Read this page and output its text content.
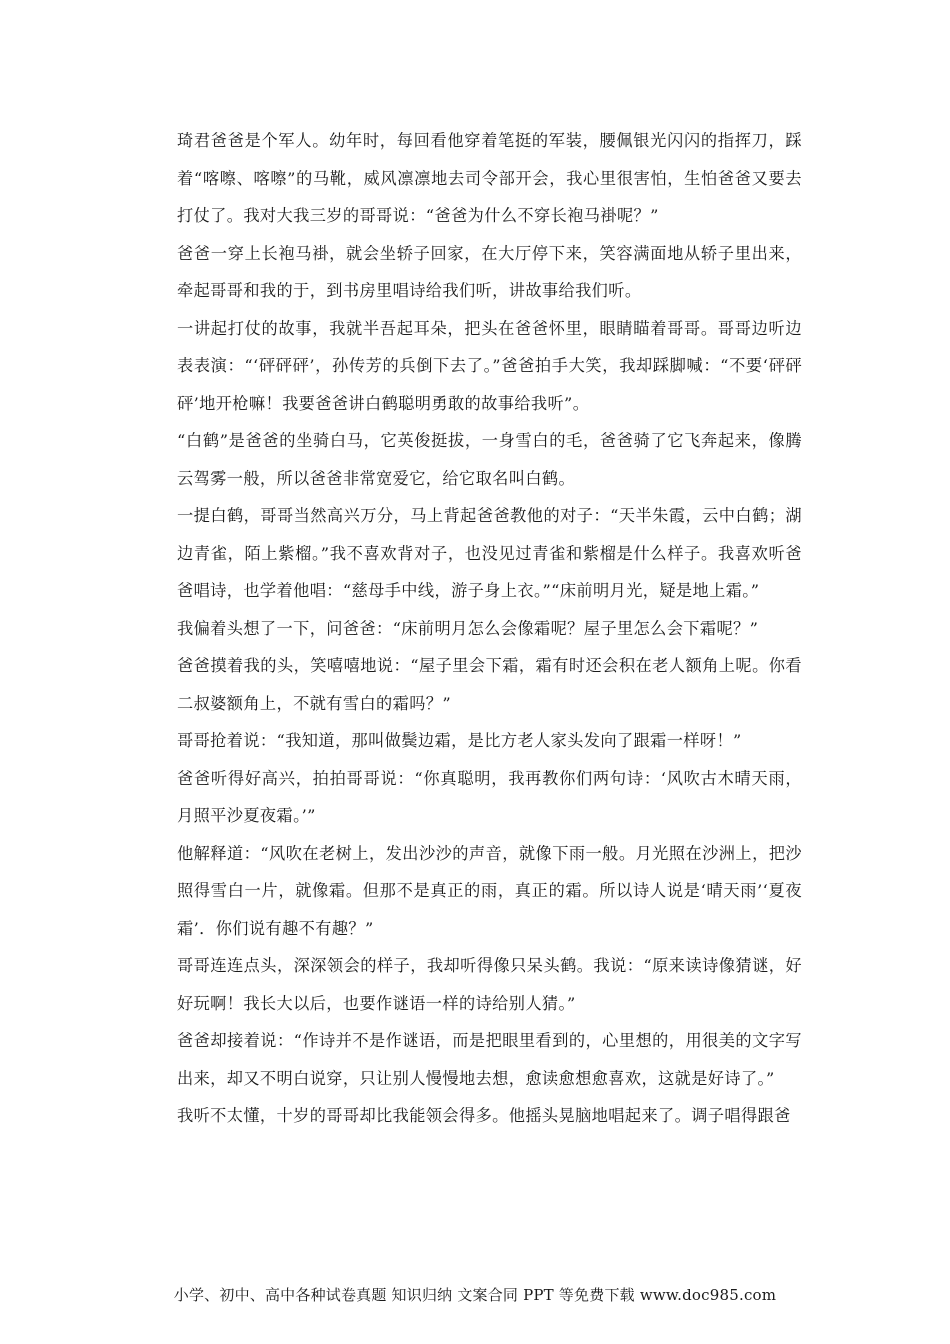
琦君爸爸是个军人。幼年时，每回看他穿着笔挺的军装，腰佩银光闪闪的指挥刀，踩着“喀嚓、喀嚓”的马靴，威风凛凛地去司令部开会，我心里很害怕，生怕爸爸又要去打仗了。我对大我三岁的哥哥说：“爸爸为什么不穿长袍马褂呢？”

爸爸一穿上长袍马褂，就会坐轿子回家，在大厅停下来，笑容满面地从轿子里出来，牵起哥哥和我的于，到书房里唱诗给我们听，讲故事给我们听。

一讲起打仗的故事，我就半吾起耳朵，把头在爸爸怀里，眼睛瞄着哥哥。哥哥边听边表表演：“‘砰砰砰’，孙传芳的兵倒下去了。”爸爸拍手大笑，我却踩脚喊：“不要‘砰砰砰’地开枪嘛！我要爸爸讲白鹤聪明勇敢的故事给我听”。

“白鹤”是爸爸的坐骑白马，它英俊挺拔，一身雪白的毛，爸爸骑了它飞奔起来，像腾云驾雾一般，所以爸爸非常宽爱它，给它取名叫白鹤。

一提白鹤，哥哥当然高兴万分，马上背起爸爸教他的对子：“天半朱霞，云中白鹤；湖边青雀，陌上紫榴。”我不喜欢背对子，也没见过青雀和紫榴是什么样子。我喜欢听爸爸唱诗，也学着他唱：“慈母手中线，游子身上衣。”“床前明月光，疑是地上霜。”

我偏着头想了一下，问爸爸：“床前明月怎么会像霜呢？屋子里怎么会下霜呢？”

爸爸摸着我的头，笑嘻嘻地说：“屋子里会下霜，霜有时还会积在老人额角上呢。你看二叔婆额角上，不就有雪白的霜吗？”

哥哥抢着说：“我知道，那叫做鬓边霜，是比方老人家头发向了跟霜一样呀！”

爸爸听得好高兴，拍拍哥哥说：“你真聪明，我再教你们两句诗：‘风吹古木晴天雨，月照平沙夏夜霜。’”

他解释道：“风吹在老树上，发出沙沙的声音，就像下雨一般。月光照在沙洲上，把沙照得雪白一片，就像霜。但那不是真正的雨，真正的霜。所以诗人说是‘晴天雨’‘夏夜霜’．你们说有趣不有趣？”

哥哥连连点头，深深领会的样子，我却听得像只呆头鹤。我说：“原来读诗像猜谜，好好玩啊！我长大以后，也要作谜语一样的诗给别人猜。”

爸爸却接着说：“作诗并不是作谜语，而是把眼里看到的，心里想的，用很美的文字写出来，却又不明白说穿，只让别人慢慢地去想，愈读愈想愈喜欢，这就是好诗了。”

我听不太懂，十岁的哥哥却比我能领会得多。他摇头晃脑地唱起来了。调子唱得跟爸

小学、初中、高中各种试卷真题 知识归纳 文案合同 PPT 等免费下载 www.doc985.com
